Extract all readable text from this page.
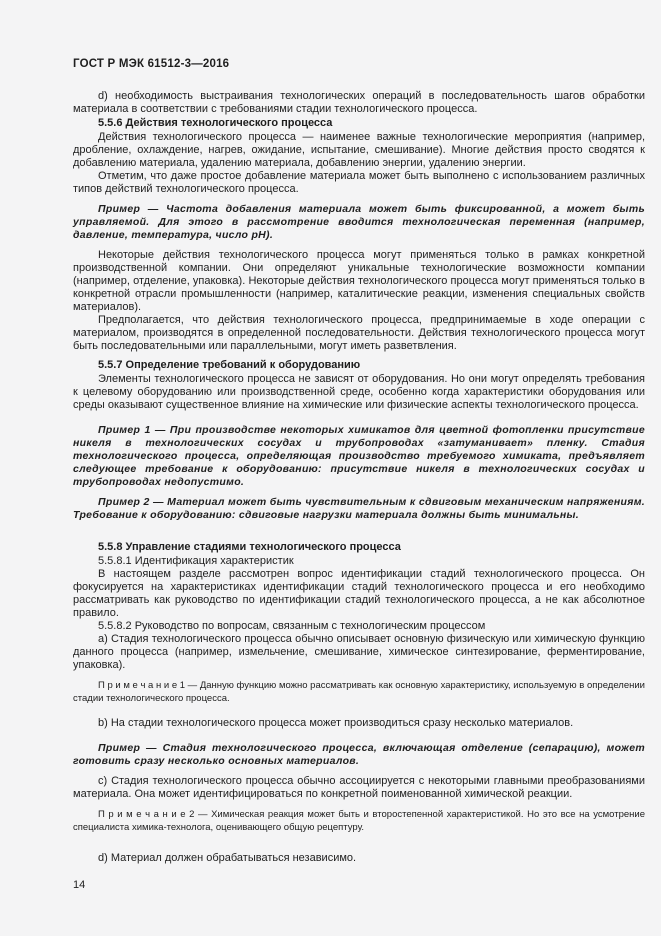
ГОСТ Р МЭК 61512-3—2016

d) необходимость выстраивания технологических операций в последовательность шагов обработки материала в соответствии с требованиями стадии технологического процесса.

5.5.6 Действия технологического процесса

Действия технологического процесса — наименее важные технологические мероприятия (например, дробление, охлаждение, нагрев, ожидание, испытание, смешивание). Многие действия просто сводятся к добавлению материала, удалению материала, добавлению энергии, удалению энергии.

Отметим, что даже простое добавление материала может быть выполнено с использованием различных типов действий технологического процесса.

Пример — Частота добавления материала может быть фиксированной, а может быть управляемой. Для этого в рассмотрение вводится технологическая переменная (например, давление, температура, число pH).

Некоторые действия технологического процесса могут применяться только в рамках конкретной производственной компании. Они определяют уникальные технологические возможности компании (например, отделение, упаковка). Некоторые действия технологического процесса могут применяться только в конкретной отрасли промышленности (например, каталитические реакции, изменения специальных свойств материалов).

Предполагается, что действия технологического процесса, предпринимаемые в ходе операции с материалом, производятся в определенной последовательности. Действия технологического процесса могут быть последовательными или параллельными, могут иметь разветвления.

5.5.7 Определение требований к оборудованию

Элементы технологического процесса не зависят от оборудования. Но они могут определять требования к целевому оборудованию или производственной среде, особенно когда характеристики оборудования или среды оказывают существенное влияние на химические или физические аспекты технологического процесса.

Пример 1 — При производстве некоторых химикатов для цветной фотопленки присутствие никеля в технологических сосудах и трубопроводах «затуманивает» пленку. Стадия технологического процесса, определяющая производство требуемого химиката, предъявляет следующее требование к оборудованию: присутствие никеля в технологических сосудах и трубопроводах недопустимо.

Пример 2 — Материал может быть чувствительным к сдвиговым механическим напряжениям. Требование к оборудованию: сдвиговые нагрузки материала должны быть минимальны.

5.5.8 Управление стадиями технологического процесса

5.5.8.1 Идентификация характеристик

В настоящем разделе рассмотрен вопрос идентификации стадий технологического процесса. Он фокусируется на характеристиках идентификации стадий технологического процесса и его необходимо рассматривать как руководство по идентификации стадий технологического процесса, а не как абсолютное правило.

5.5.8.2 Руководство по вопросам, связанным с технологическим процессом

a) Стадия технологического процесса обычно описывает основную физическую или химическую функцию данного процесса (например, измельчение, смешивание, химическое синтезирование, ферментирование, упаковка).

П р и м е ч а н и е 1 — Данную функцию можно рассматривать как основную характеристику, используемую в определении стадии технологического процесса.

b) На стадии технологического процесса может производиться сразу несколько материалов.

Пример — Стадия технологического процесса, включающая отделение (сепарацию), может готовить сразу несколько основных материалов.

c) Стадия технологического процесса обычно ассоциируется с некоторыми главными преобразованиями материала. Она может идентифицироваться по конкретной поименованной химической реакции.

П р и м е ч а н и е 2 — Химическая реакция может быть и второстепенной характеристикой. Но это все на усмотрение специалиста химика-технолога, оценивающего общую рецептуру.

d) Материал должен обрабатываться независимо.

14
